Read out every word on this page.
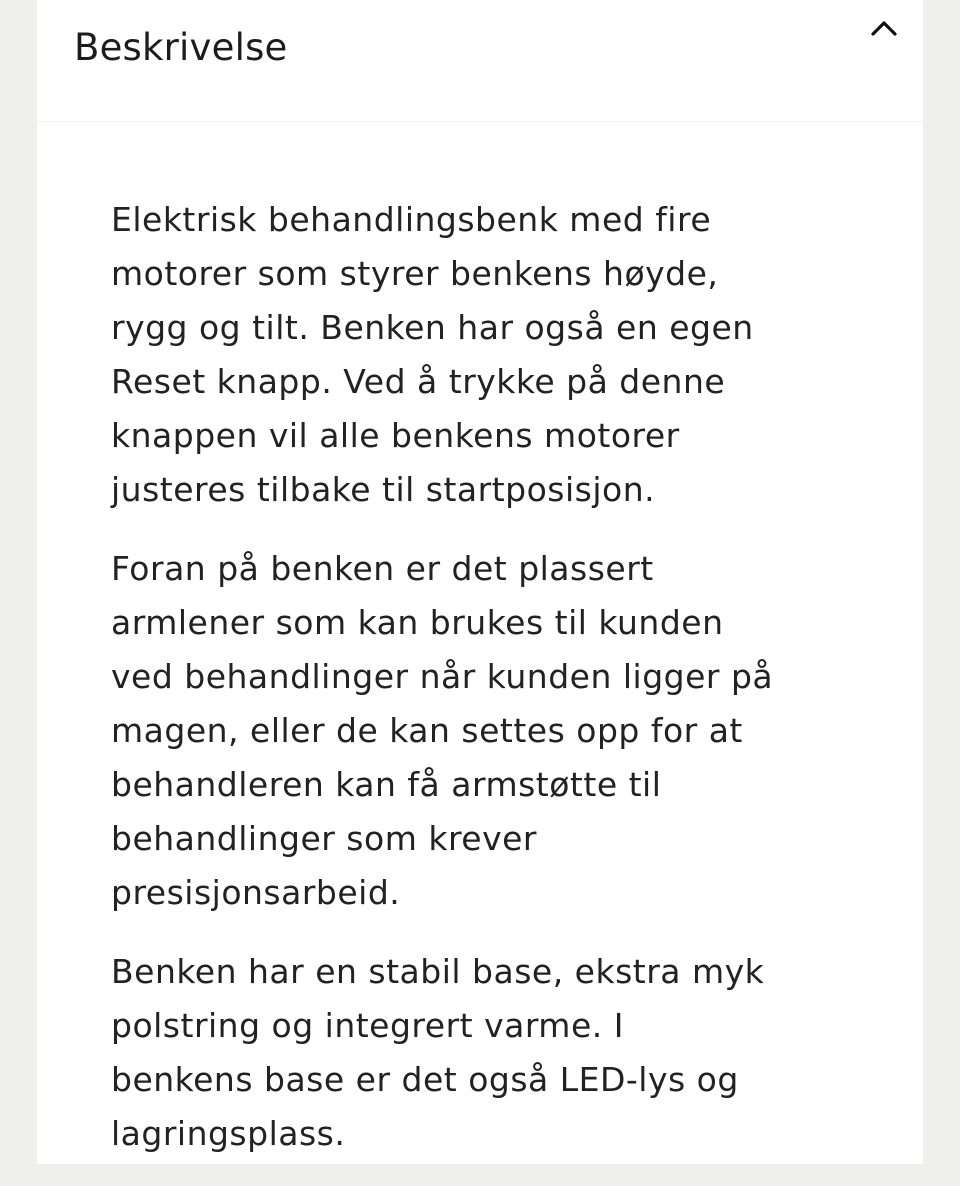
Beskrivelse

Elektrisk behandlingsbenk med fire
motorer som styrer benkens høyde,
rygg og tilt. Benken har også en egen
Reset knapp. Ved å trykke på denne
knappen vil alle benkens motorer
justeres tilbake til startposisjon.

Foran på benken er det plassert
armlener som kan brukes til kunden
ved behandlinger når kunden ligger på
magen, eller de kan settes opp for at
behandleren kan få armstøtte til
behandlinger som krever
presisjonsarbeid.

Benken har en stabil base, ekstra myk
polstring og integrert varme. I
benkens base er det også LED-lys og
lagringsplass.
